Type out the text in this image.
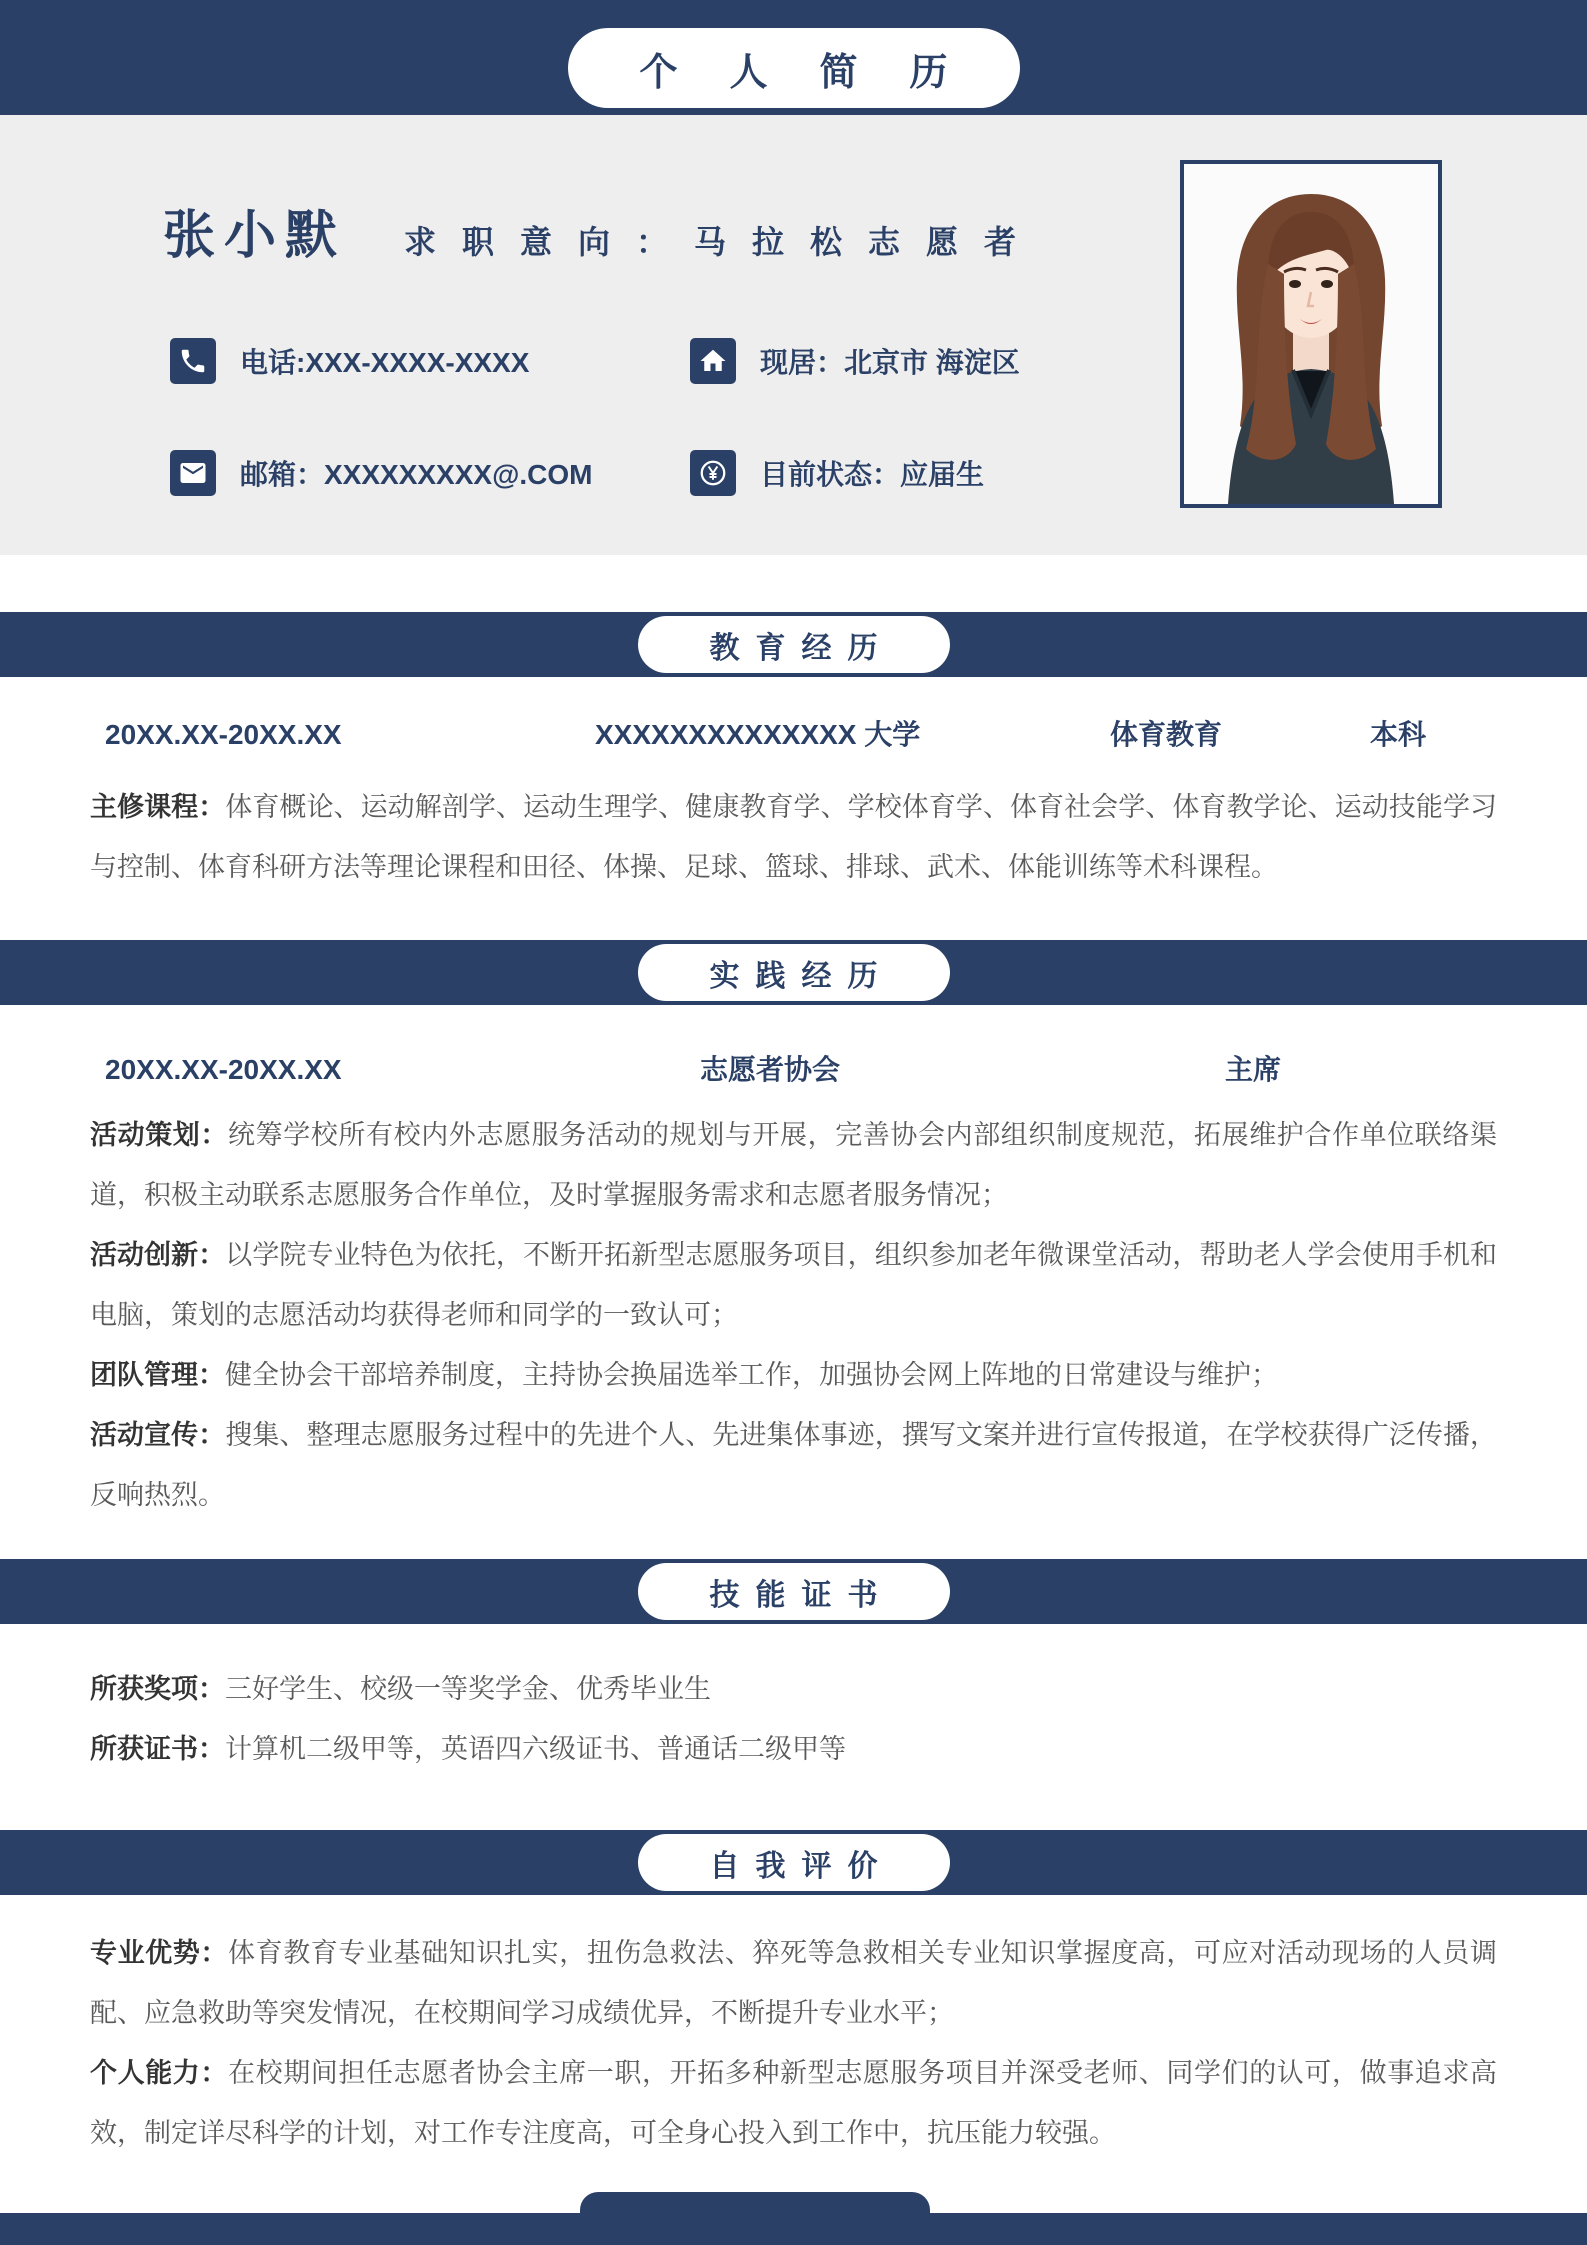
个人简历
张小默 求职意向：马拉松志愿者
电话:XXX-XXXX-XXXX	现居：北京市 海淀区
邮箱：XXXXXXXXX@.COM	目前状态：应届生
教育经历
20XX.XX-20XX.XX	XXXXXXXXXXXXXX 大学	体育教育	本科

主修课程：体育概论、运动解剖学、运动生理学、健康教育学、学校体育学、体育社会学、体育教学论、运动技能学习与控制、体育科研方法等理论课程和田径、体操、足球、篮球、排球、武术、体能训练等术科课程。

实践经历
20XX.XX-20XX.XX	志愿者协会	主席

活动策划：统筹学校所有校内外志愿服务活动的规划与开展，完善协会内部组织制度规范，拓展维护合作单位联络渠道，积极主动联系志愿服务合作单位，及时掌握服务需求和志愿者服务情况；

活动创新：以学院专业特色为依托，不断开拓新型志愿服务项目，组织参加老年微课堂活动，帮助老人学会使用手机和电脑，策划的志愿活动均获得老师和同学的一致认可；

团队管理：健全协会干部培养制度，主持协会换届选举工作，加强协会网上阵地的日常建设与维护；

活动宣传：搜集、整理志愿服务过程中的先进个人、先进集体事迹，撰写文案并进行宣传报道，在学校获得广泛传播，反响热烈。

技能证书

所获奖项：三好学生、校级一等奖学金、优秀毕业生

所获证书：计算机二级甲等，英语四六级证书、普通话二级甲等

自我评价

专业优势：体育教育专业基础知识扎实，扭伤急救法、猝死等急救相关专业知识掌握度高，可应对活动现场的人员调配、应急救助等突发情况，在校期间学习成绩优异，不断提升专业水平；

个人能力：在校期间担任志愿者协会主席一职，开拓多种新型志愿服务项目并深受老师、同学们的认可，做事追求高效，制定详尽科学的计划，对工作专注度高，可全身心投入到工作中，抗压能力较强。
